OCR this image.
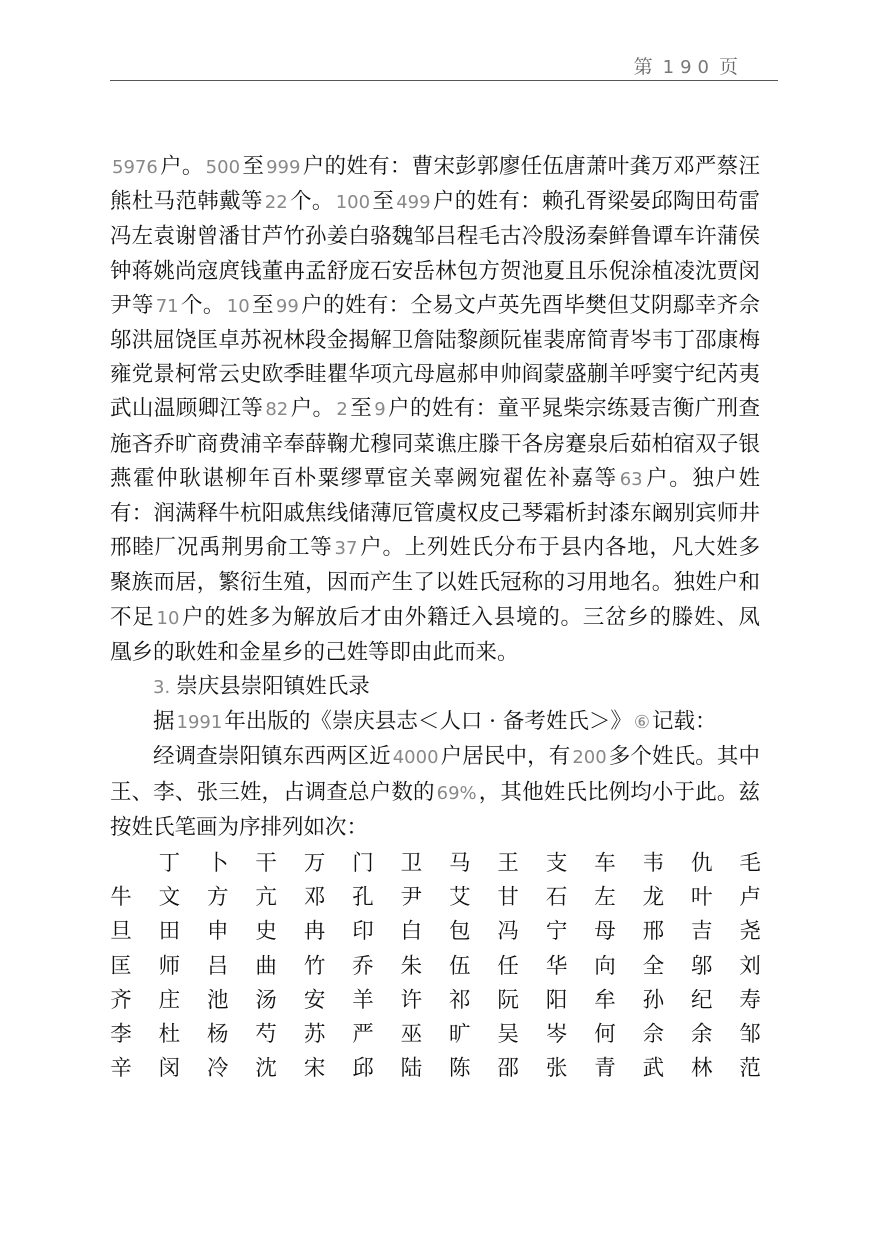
第 190 页

5976户。 500至 999户的姓有：曹宋彭郭廖任伍唐萧叶龚万邓严蔡汪熊杜马范韩戴等 22个。 100至 499户的姓有：赖孔胥梁晏邱陶田苟雷冯左袁谢曾潘甘芦竹孙姜白骆魏邹吕程毛古冷殷汤秦鲜鲁谭车许蒲侯钟蒋姚尚寇庹钱董冉孟舒庞石安岳林包方贺池夏且乐倪涂植凌沈贾闵尹等 71个。 10至 99户的姓有：仝易文卢英先酉毕樊但艾阴鄢幸齐佘邬洪屈饶匡卓苏祝林段金揭解卫詹陆黎颜阮崔裴席简青岑韦丁邵康梅雍党景柯常云史欧季眭瞿华项亢母扈郝申帅阎蒙盛蒯羊呼窦宁纪芮夷武山温顾卿江等 82户。 2至 9户的姓有：童平晁柴宗练聂吉衡广刑查施吝乔旷商费浦辛奉薛鞠尤穆同菜谯庄滕干各房蹇泉后茹柏宿双子银燕霍仲耿谌柳年百朴粟缪覃宦关辜阙宛翟佐补嘉等 63户。独户姓有：润满释牛杭阳戚焦线储薄厄管虞权皮己琴霜析封漆东阚别宾师井邢睦厂况禹荆男俞工等 37户。上列姓氏分布于县内各地，凡大姓多聚族而居，繁衍生殖，因而产生了以姓氏冠称的习用地名。独姓户和不足 10户的姓多为解放后才由外籍迁入县境的。三岔乡的滕姓、凤凰乡的耿姓和金星乡的己姓等即由此而来。

3. 崇庆县崇阳镇姓氏录

据 1991年出版的《崇庆县志＜人口 · 备考姓氏＞》 ⑥记载：

经调查崇阳镇东西两区近 4000户居民中，有 200多个姓氏。其中王、李、张三姓，占调查总户数的 69%，其他姓氏比例均小于此。兹按姓氏笔画为序排列如次：

丁 卜 干 万 门 卫 马 王 支 车 韦 仇 毛
牛 文 方 亢 邓 孔 尹 艾 甘 石 左 龙 叶 卢
旦 田 申 史 冉 印 白 包 冯 宁 母 邢 吉 尧
匡 师 吕 曲 竹 乔 朱 伍 任 华 向 全 邬 刘
齐 庄 池 汤 安 羊 许 祁 阮 阳 牟 孙 纪 寿
李 杜 杨 芍 苏 严 巫 旷 吴 岑 何 佘 余 邹
辛 闵 冷 沈 宋 邱 陆 陈 邵 张 青 武 林 范
